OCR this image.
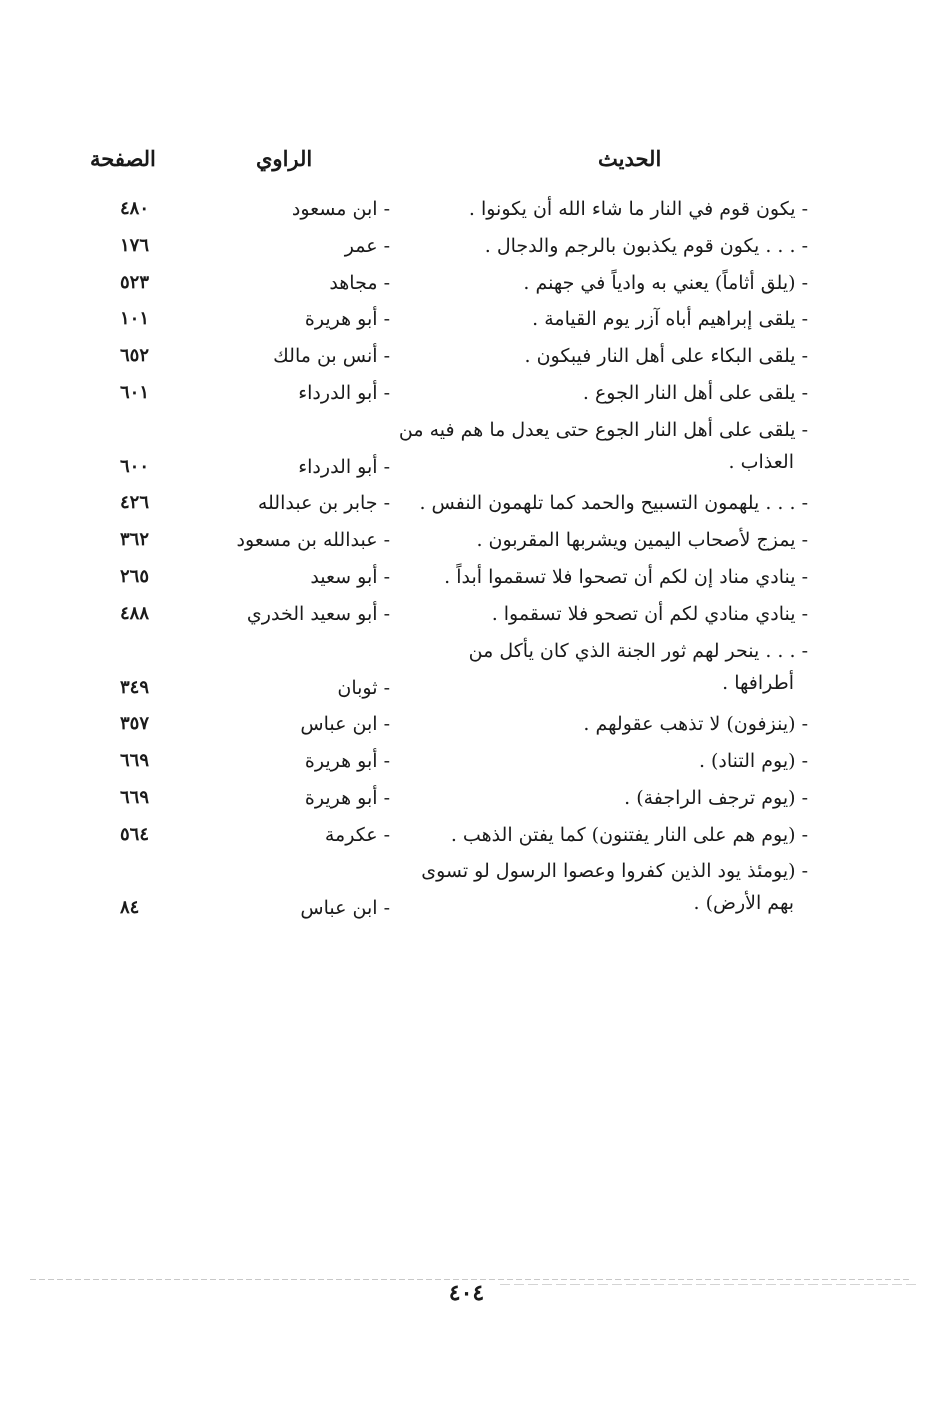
الحديث
الراوي
الصفحة
- يكون قوم في النار ما شاء الله أن يكونوا .
- ابن مسعود
٤٨٠
- . . . يكون قوم يكذبون بالرجم والدجال .
- عمر
١٧٦
- (يلق أثاماً) يعني به وادياً في جهنم .
- مجاهد
٥٢٣
- يلقى إبراهيم أباه آزر يوم القيامة .
- أبو هريرة
١٠١
- يلقى البكاء على أهل النار فيبكون .
- أنس بن مالك
٦٥٢
- يلقى على أهل النار الجوع .
- أبو الدرداء
٦٠١
- يلقى على أهل النار الجوع حتى يعدل ما هم فيه من
العذاب .
- أبو الدرداء
٦٠٠
- . . . يلهمون التسبيح والحمد كما تلهمون النفس .
- جابر بن عبدالله
٤٢٦
- يمزج لأصحاب اليمين ويشربها المقربون .
- عبدالله بن مسعود
٣٦٢
- ينادي مناد إن لكم أن تصحوا فلا تسقموا أبداً .
- أبو سعيد
٢٦٥
- ينادي منادي لكم أن تصحو فلا تسقموا .
- أبو سعيد الخدري
٤٨٨
- . . . ينحر لهم ثور الجنة الذي كان يأكل من
أطرافها .
- ثوبان
٣٤٩
- (ينزفون) لا تذهب عقولهم .
- ابن عباس
٣٥٧
- (يوم التناد) .
- أبو هريرة
٦٦٩
- (يوم ترجف الراجفة) .
- أبو هريرة
٦٦٩
- (يوم هم على النار يفتنون) كما يفتن الذهب .
- عكرمة
٥٦٤
- (يومئذ يود الذين كفروا وعصوا الرسول لو تسوى
بهم الأرض) .
- ابن عباس
٨٤
٤٠٤
